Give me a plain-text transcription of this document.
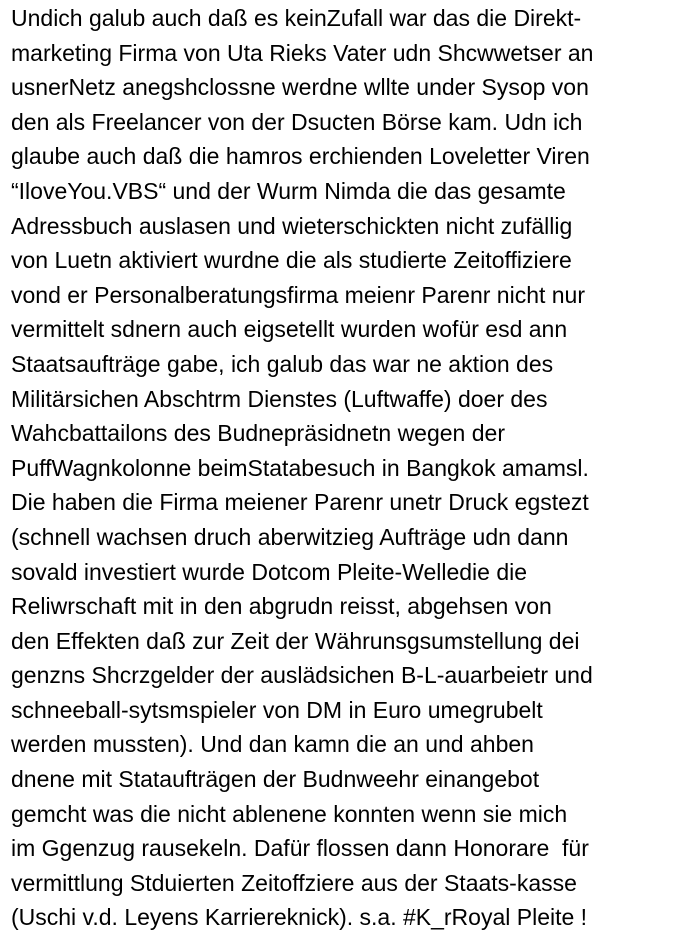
Undich galub auch daß es keinZufall war das die Direkt-
marketing Firma von Uta Rieks Vater udn Shcwwetser an
usnerNetz anegshclossne werdne wllte under Sysop von
den als Freelancer von der Dsucten Börse kam. Udn ich
glaube auch daß die hamros erchienden Loveletter Viren
“IloveYou.VBS“ und der Wurm Nimda die das gesamte
Adressbuch auslasen und wieterschickten nicht zufällig
von Luetn aktiviert wurdne die als studierte Zeitoffiziere
vond er Personalberatungsfirma meienr Parenr nicht nur
vermittelt sdnern auch eigsetellt wurden wofür esd ann
Staatsaufträge gabe, ich galub das war ne aktion des
Militärsichen Abschtrm Dienstes (Luftwaffe) doer des
Wahcbattailons des Budnepräsidnetn wegen der
PuffWagnkolonne beimStatabesuch in Bangkok amamsl.
Die haben die Firma meiener Parenr unetr Druck egstezt
(schnell wachsen druch aberwitzieg Aufträge udn dann
sovald investiert wurde Dotcom Pleite-Welledie die
Reliwrschaft mit in den abgrudn reisst, abgehsen von
den Effekten daß zur Zeit der Währunsgsumstellung dei
genzns Shcrzgelder der auslädsichen B-L-auarbeietr und
schneeball-sytsmspieler von DM in Euro umegrubelt
werden mussten). Und dan kamn die an und ahben
dnene mit Stataufträgen der Budnweehr einangebot
gemcht was die nicht ablenene konnten wenn sie mich
im Ggenzug rausekeln. Dafür flossen dann Honorare  für
vermittlung Stduierten Zeitoffziere aus der Staats-kasse
(Uschi v.d. Leyens Karriereknick). s.a. #K_rRoyal Pleite !
